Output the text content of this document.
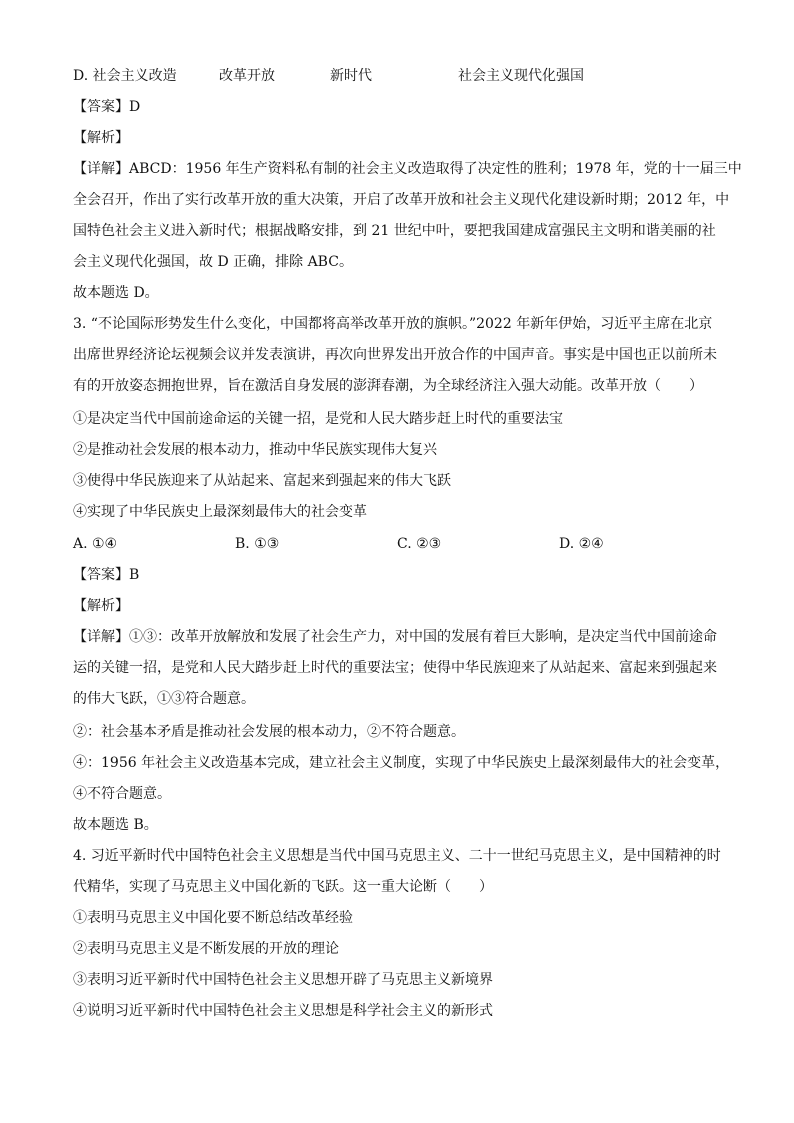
D. 社会主义改造	改革开放	新时代	社会主义现代化强国
【答案】D
【解析】
【详解】ABCD：1956 年生产资料私有制的社会主义改造取得了决定性的胜利；1978 年，党的十一届三中
全会召开，作出了实行改革开放的重大决策，开启了改革开放和社会主义现代化建设新时期；2012 年，中
国特色社会主义进入新时代；根据战略安排，到 21 世纪中叶，要把我国建成富强民主文明和谐美丽的社
会主义现代化强国，故 D 正确，排除 ABC。
故本题选 D。
3. “不论国际形势发生什么变化，中国都将高举改革开放的旗帜。”2022 年新年伊始，习近平主席在北京
出席世界经济论坛视频会议并发表演讲，再次向世界发出开放合作的中国声音。事实是中国也正以前所未
有的开放姿态拥抱世界，旨在激活自身发展的澎湃春潮，为全球经济注入强大动能。改革开放（　　）
①是决定当代中国前途命运的关键一招，是党和人民大踏步赶上时代的重要法宝
②是推动社会发展的根本动力，推动中华民族实现伟大复兴
③使得中华民族迎来了从站起来、富起来到强起来的伟大飞跃
④实现了中华民族史上最深刻最伟大的社会变革
A. ①④	B. ①③	C. ②③	D. ②④
【答案】B
【解析】
【详解】①③：改革开放解放和发展了社会生产力，对中国的发展有着巨大影响，是决定当代中国前途命
运的关键一招，是党和人民大踏步赶上时代的重要法宝；使得中华民族迎来了从站起来、富起来到强起来
的伟大飞跃，①③符合题意。
②：社会基本矛盾是推动社会发展的根本动力，②不符合题意。
④：1956 年社会主义改造基本完成，建立社会主义制度，实现了中华民族史上最深刻最伟大的社会变革，
④不符合题意。
故本题选 B。
4. 习近平新时代中国特色社会主义思想是当代中国马克思主义、二十一世纪马克思主义，是中国精神的时
代精华，实现了马克思主义中国化新的飞跃。这一重大论断（　　）
①表明马克思主义中国化要不断总结改革经验
②表明马克思主义是不断发展的开放的理论
③表明习近平新时代中国特色社会主义思想开辟了马克思主义新境界
④说明习近平新时代中国特色社会主义思想是科学社会主义的新形式
